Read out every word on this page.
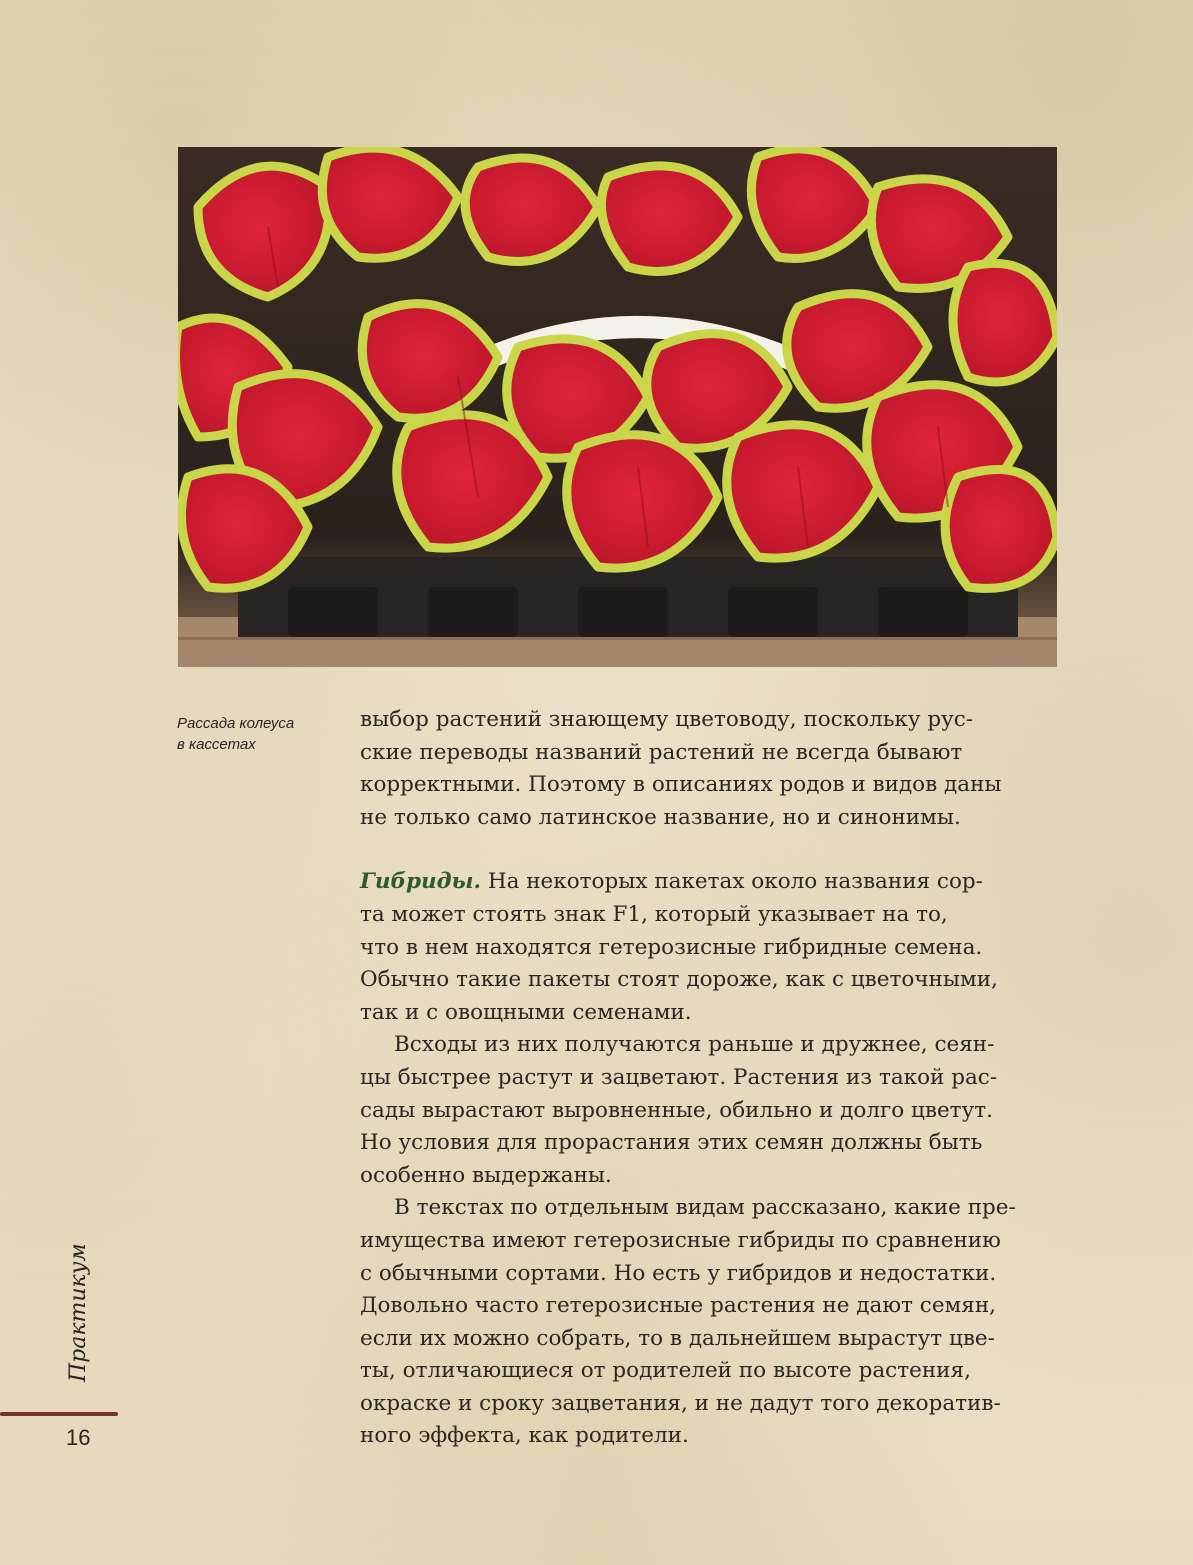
Рассада колеуса
в кассетах
выбор растений знающему цветоводу, поскольку рус-
ские переводы названий растений не всегда бывают
корректными. Поэтому в описаниях родов и видов даны
не только само латинское название, но и синонимы.
Гибриды. На некоторых пакетах около названия сор-
та может стоять знак F1, который указывает на то,
что в нем находятся гетерозисные гибридные семена.
Обычно такие пакеты стоят дороже, как с цветочными,
так и с овощными семенами.
Всходы из них получаются раньше и дружнее, сеян-
цы быстрее растут и зацветают. Растения из такой рас-
сады вырастают выровненные, обильно и долго цветут.
Но условия для прорастания этих семян должны быть
особенно выдержаны.
В текстах по отдельным видам рассказано, какие пре-
имущества имеют гетерозисные гибриды по сравнению
с обычными сортами. Но есть у гибридов и недостатки.
Довольно часто гетерозисные растения не дают семян,
если их можно собрать, то в дальнейшем вырастут цве-
ты, отличающиеся от родителей по высоте растения,
окраске и сроку зацветания, и не дадут того декоратив-
ного эффекта, как родители.
Практикум
16
